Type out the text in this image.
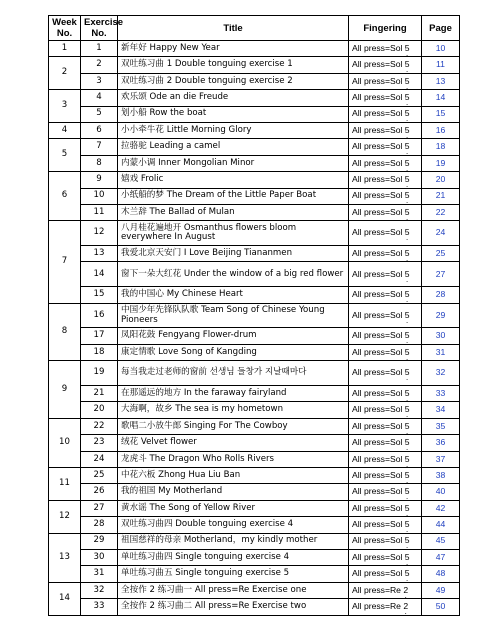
Week No.	Exercise No.	Title	Fingering	Page
1	1	新年好 Happy New Year	All press=Sol 5 ·	10
2	2	双吐练习曲 1 Double tonguing exercise 1	All press=Sol 5 ·	11
	3	双吐练习曲 2 Double tonguing exercise 2	All press=Sol 5 ·	13
3	4	欢乐颂 Ode an die Freude	All press=Sol 5 ·	14
	5	划小船 Row the boat	All press=Sol 5 ·	15
4	6	小小牵牛花 Little Morning Glory	All press=Sol 5 ·	16
5	7	拉骆驼 Leading a camel	All press=Sol 5 ·	18
	8	内蒙小调 Inner Mongolian Minor	All press=Sol 5 ·	19
6	9	嬉戏 Frolic	All press=Sol 5 ·	20
	10	小纸船的梦 The Dream of the Little Paper Boat	All press=Sol 5 ·	21
	11	木兰辞 The Ballad of Mulan	All press=Sol 5 ·	22
7	12	八月桂花遍地开 Osmanthus flowers bloom everywhere In August	All press=Sol 5 ·	24
	13	我爱北京天安门 I Love Beijing Tiananmen	All press=Sol 5 ·	25
	14	窗下一朵大红花 Under the window of a big red flower	All press=Sol 5 ·	27
	15	我的中国心 My Chinese Heart	All press=Sol 5 ·	28
8	16	中国少年先锋队队歌 Team Song of Chinese Young Pioneers	All press=Sol 5 ·	29
	17	凤阳花鼓 Fengyang Flower-drum	All press=Sol 5 ·	30
	18	康定情歌 Love Song of Kangding	All press=Sol 5 ·	31
9	19	每当我走过老师的窗前 선생님 들창가 지날때마다	All press=Sol 5 ·	32
	21	在那遥远的地方 In the faraway fairyland	All press=Sol 5 ·	33
	20	大海啊，故乡 The sea is my hometown	All press=Sol 5 ·	34
10	22	歌唱二小放牛郎 Singing For The Cowboy	All press=Sol 5 ·	35
	23	绒花 Velvet flower	All press=Sol 5 ·	36
	24	龙虎斗 The Dragon Who Rolls Rivers	All press=Sol 5 ·	37
11	25	中花六板 Zhong Hua Liu Ban	All press=Sol 5 ·	38
	26	我的祖国 My Motherland	All press=Sol 5 ·	40
12	27	黄水谣 The Song of Yellow River	All press=Sol 5 ·	42
	28	双吐练习曲四 Double tonguing exercise 4	All press=Sol 5 ·	44
13	29	祖国慈祥的母亲 Motherland，my kindly mother	All press=Sol 5 ·	45
	30	单吐练习曲四 Single tonguing exercise 4	All press=Sol 5 ·	47
	31	单吐练习曲五 Single tonguing exercise 5	All press=Sol 5 ·	48
14	32	全按作 2 练习曲一 All press=Re Exercise one	All press=Re 2 ·	49
	33	全按作 2 练习曲二 All press=Re Exercise two	All press=Re 2 ·	50
